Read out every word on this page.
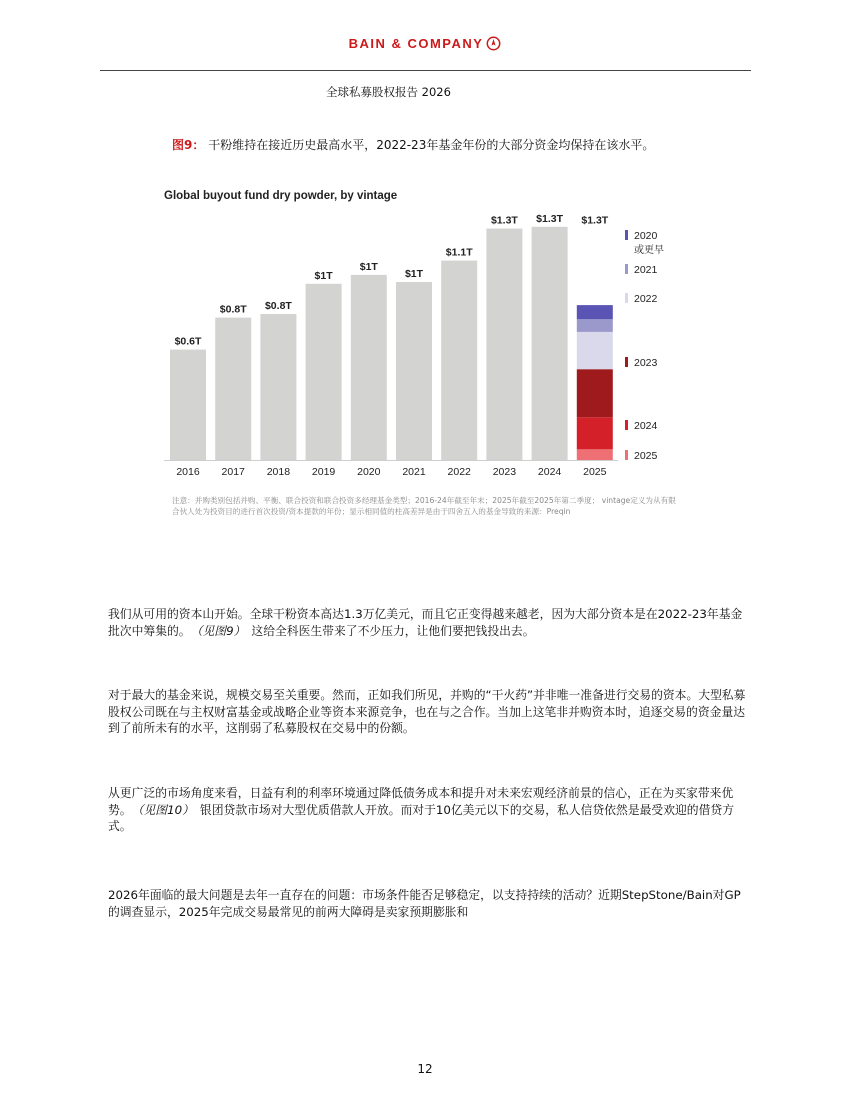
BAIN & COMPANY
全球私募股权报告 2026
图9： 干粉维持在接近历史最高水平，2022-23年基金年份的大部分资金均保持在该水平。
Global buyout fund dry powder, by vintage
$0.6T
2016
$0.8T
2017
$0.8T
2018
$1T
2019
$1T
2020
$1T
2021
$1.1T
2022
$1.3T
2023
$1.3T
2024
$1.3T
2025
2020
或更早
2021
2022
2023
2024
2025
注意：并购类别包括并购、平衡、联合投资和联合投资多经理基金类型；2016-24年截至年末；2025年截至2025年第二季度； vintage定义为从有限合伙人处为投资目的进行首次投资/资本提款的年份；显示相同值的柱高差异是由于四舍五入的基金导致的来源：Preqin
我们从可用的资本山开始。全球干粉资本高达1.3万亿美元，而且它正变得越来越老，因为大部分资本是在2022-23年基金批次中筹集的。 （见图9） 这给全科医生带来了不少压力，让他们要把钱投出去。
对于最大的基金来说，规模交易至关重要。然而，正如我们所见，并购的“干火药”并非唯一准备进行交易的资本。大型私募股权公司既在与主权财富基金或战略企业等资本来源竞争，也在与之合作。当加上这笔非并购资本时，追逐交易的资金量达到了前所未有的水平，这削弱了私募股权在交易中的份额。
从更广泛的市场角度来看，日益有利的利率环境通过降低债务成本和提升对未来宏观经济前景的信心，正在为买家带来优势。 （见图10） 银团贷款市场对大型优质借款人开放。而对于10亿美元以下的交易，私人信贷依然是最受欢迎的借贷方式。
2026年面临的最大问题是去年一直存在的问题：市场条件能否足够稳定，以支持持续的活动？近期StepStone/Bain对GP的调查显示，2025年完成交易最常见的前两大障碍是卖家预期膨胀和
12
